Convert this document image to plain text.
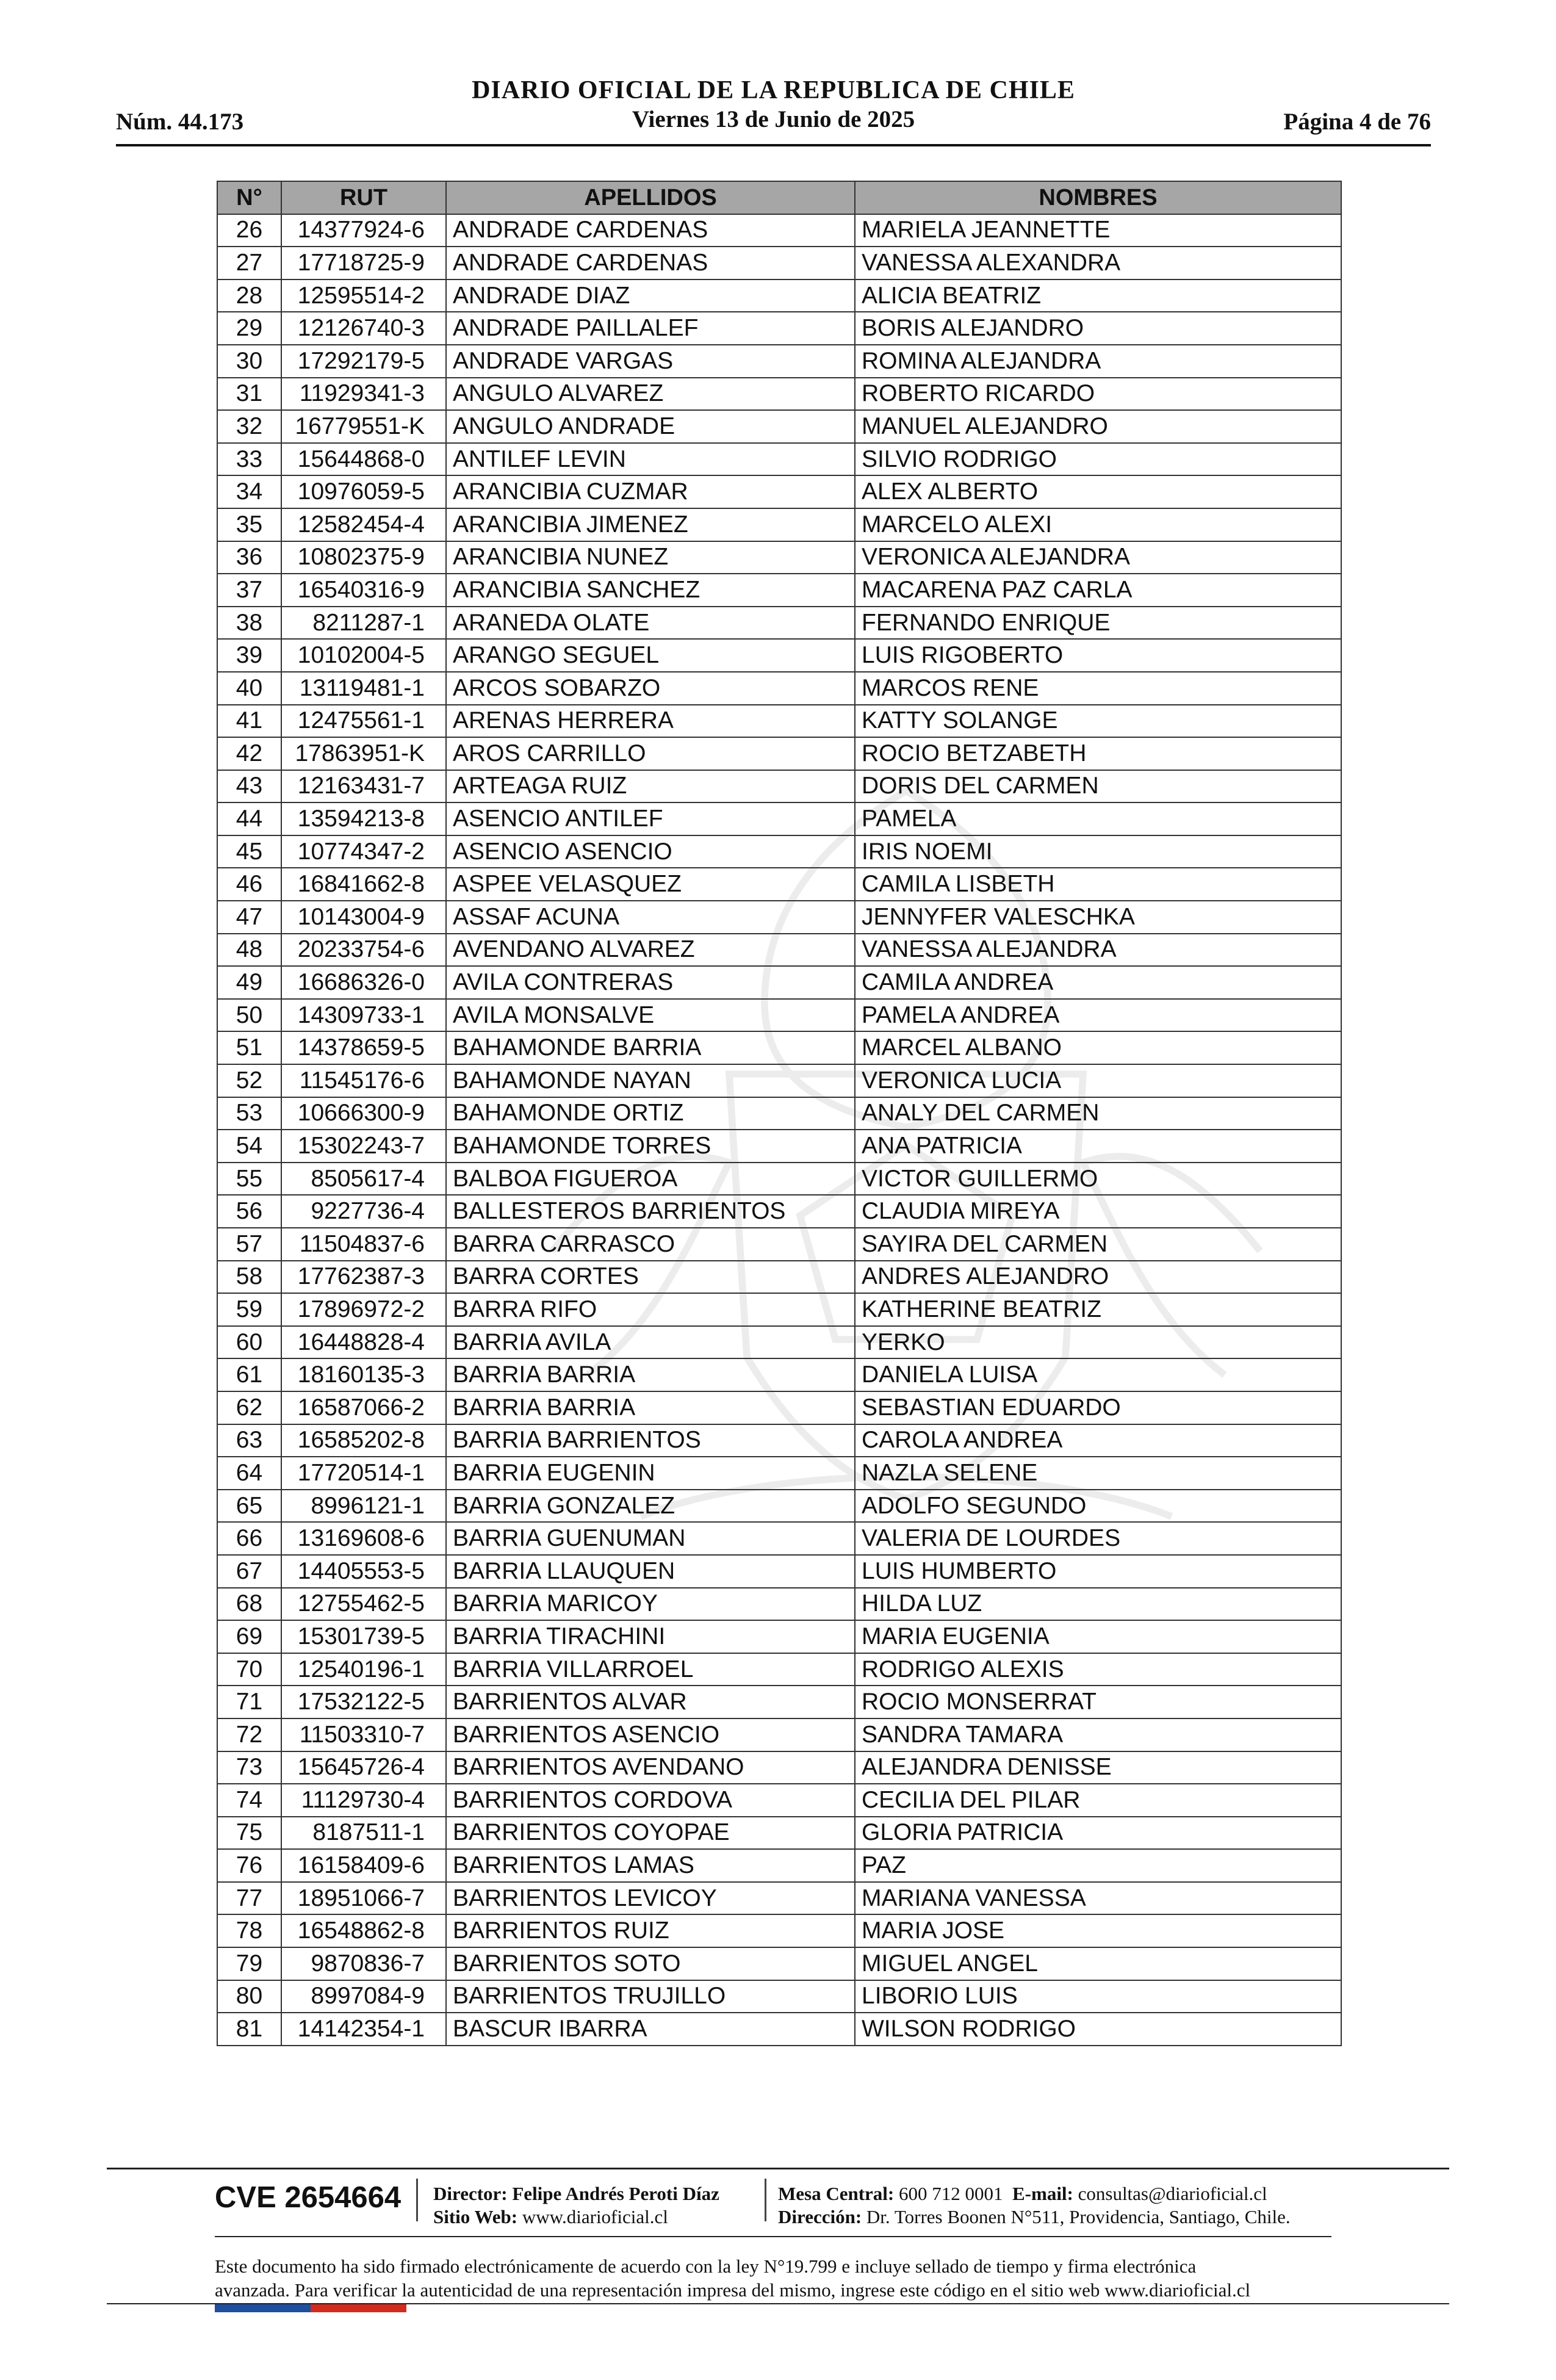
Núm. 44.173
DIARIO OFICIAL DE LA REPUBLICA DE CHILE
Viernes 13 de Junio de 2025	Página 4 de 76
N°	RUT	APELLIDOS	NOMBRES
26	14377924-6	ANDRADE CARDENAS	MARIELA JEANNETTE
27	17718725-9	ANDRADE CARDENAS	VANESSA ALEXANDRA
28	12595514-2	ANDRADE DIAZ	ALICIA BEATRIZ
29	12126740-3	ANDRADE PAILLALEF	BORIS ALEJANDRO
30	17292179-5	ANDRADE VARGAS	ROMINA ALEJANDRA
31	11929341-3	ANGULO ALVAREZ	ROBERTO RICARDO
32	16779551-K	ANGULO ANDRADE	MANUEL ALEJANDRO
33	15644868-0	ANTILEF LEVIN	SILVIO RODRIGO
34	10976059-5	ARANCIBIA CUZMAR	ALEX ALBERTO
35	12582454-4	ARANCIBIA JIMENEZ	MARCELO ALEXI
36	10802375-9	ARANCIBIA NUNEZ	VERONICA ALEJANDRA
37	16540316-9	ARANCIBIA SANCHEZ	MACARENA PAZ CARLA
38	8211287-1	ARANEDA OLATE	FERNANDO ENRIQUE
39	10102004-5	ARANGO SEGUEL	LUIS RIGOBERTO
40	13119481-1	ARCOS SOBARZO	MARCOS RENE
41	12475561-1	ARENAS HERRERA	KATTY SOLANGE
42	17863951-K	AROS CARRILLO	ROCIO BETZABETH
43	12163431-7	ARTEAGA RUIZ	DORIS DEL CARMEN
44	13594213-8	ASENCIO ANTILEF	PAMELA
45	10774347-2	ASENCIO ASENCIO	IRIS NOEMI
46	16841662-8	ASPEE VELASQUEZ	CAMILA LISBETH
47	10143004-9	ASSAF ACUNA	JENNYFER VALESCHKA
48	20233754-6	AVENDANO ALVAREZ	VANESSA ALEJANDRA
49	16686326-0	AVILA CONTRERAS	CAMILA ANDREA
50	14309733-1	AVILA MONSALVE	PAMELA ANDREA
51	14378659-5	BAHAMONDE BARRIA	MARCEL ALBANO
52	11545176-6	BAHAMONDE NAYAN	VERONICA LUCIA
53	10666300-9	BAHAMONDE ORTIZ	ANALY DEL CARMEN
54	15302243-7	BAHAMONDE TORRES	ANA PATRICIA
55	8505617-4	BALBOA FIGUEROA	VICTOR GUILLERMO
56	9227736-4	BALLESTEROS BARRIENTOS	CLAUDIA MIREYA
57	11504837-6	BARRA CARRASCO	SAYIRA DEL CARMEN
58	17762387-3	BARRA CORTES	ANDRES ALEJANDRO
59	17896972-2	BARRA RIFO	KATHERINE BEATRIZ
60	16448828-4	BARRIA AVILA	YERKO
61	18160135-3	BARRIA BARRIA	DANIELA LUISA
62	16587066-2	BARRIA BARRIA	SEBASTIAN EDUARDO
63	16585202-8	BARRIA BARRIENTOS	CAROLA ANDREA
64	17720514-1	BARRIA EUGENIN	NAZLA SELENE
65	8996121-1	BARRIA GONZALEZ	ADOLFO SEGUNDO
66	13169608-6	BARRIA GUENUMAN	VALERIA DE LOURDES
67	14405553-5	BARRIA LLAUQUEN	LUIS HUMBERTO
68	12755462-5	BARRIA MARICOY	HILDA LUZ
69	15301739-5	BARRIA TIRACHINI	MARIA EUGENIA
70	12540196-1	BARRIA VILLARROEL	RODRIGO ALEXIS
71	17532122-5	BARRIENTOS ALVAR	ROCIO MONSERRAT
72	11503310-7	BARRIENTOS ASENCIO	SANDRA TAMARA
73	15645726-4	BARRIENTOS AVENDANO	ALEJANDRA DENISSE
74	11129730-4	BARRIENTOS CORDOVA	CECILIA DEL PILAR
75	8187511-1	BARRIENTOS COYOPAE	GLORIA PATRICIA
76	16158409-6	BARRIENTOS LAMAS	PAZ
77	18951066-7	BARRIENTOS LEVICOY	MARIANA VANESSA
78	16548862-8	BARRIENTOS RUIZ	MARIA JOSE
79	9870836-7	BARRIENTOS SOTO	MIGUEL ANGEL
80	8997084-9	BARRIENTOS TRUJILLO	LIBORIO LUIS
81	14142354-1	BASCUR IBARRA	WILSON RODRIGO
CVE 2654664 Director: Felipe Andrés Peroti Díaz
Sitio Web: www.diarioficial.cl
Mesa Central: 600 712 0001 E-mail: consultas@diarioficial.cl
Dirección: Dr. Torres Boonen N°511, Providencia, Santiago, Chile.
Este documento ha sido firmado electrónicamente de acuerdo con la ley N°19.799 e incluye sellado de tiempo y firma electrónica
avanzada. Para verificar la autenticidad de una representación impresa del mismo, ingrese este código en el sitio web www.diarioficial.cl
